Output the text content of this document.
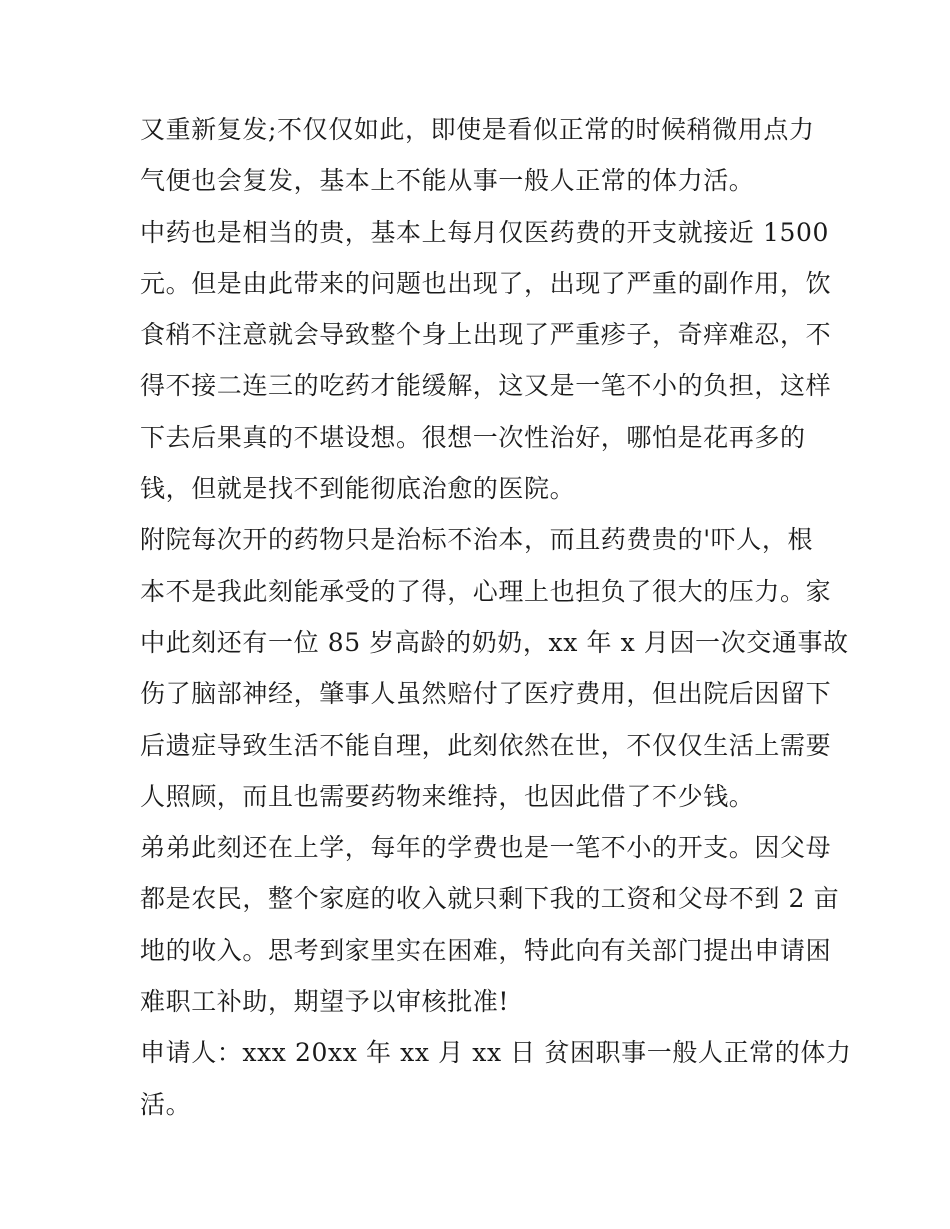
又重新复发;不仅仅如此，即使是看似正常的时候稍微用点力
气便也会复发，基本上不能从事一般人正常的体力活。
中药也是相当的贵，基本上每月仅医药费的开支就接近 1500
元。但是由此带来的问题也出现了，出现了严重的副作用，饮
食稍不注意就会导致整个身上出现了严重疹子，奇痒难忍，不
得不接二连三的吃药才能缓解，这又是一笔不小的负担，这样
下去后果真的不堪设想。很想一次性治好，哪怕是花再多的
钱，但就是找不到能彻底治愈的医院。
附院每次开的药物只是治标不治本，而且药费贵的'吓人，根
本不是我此刻能承受的了得，心理上也担负了很大的压力。家
中此刻还有一位 85 岁高龄的奶奶，xx 年 x 月因一次交通事故
伤了脑部神经，肇事人虽然赔付了医疗费用，但出院后因留下
后遗症导致生活不能自理，此刻依然在世，不仅仅生活上需要
人照顾，而且也需要药物来维持，也因此借了不少钱。
弟弟此刻还在上学，每年的学费也是一笔不小的开支。因父母
都是农民，整个家庭的收入就只剩下我的工资和父母不到 2 亩
地的收入。思考到家里实在困难，特此向有关部门提出申请困
难职工补助，期望予以审核批准!
申请人：xxx 20xx 年 xx 月 xx 日 贫困职事一般人正常的体力
活。
